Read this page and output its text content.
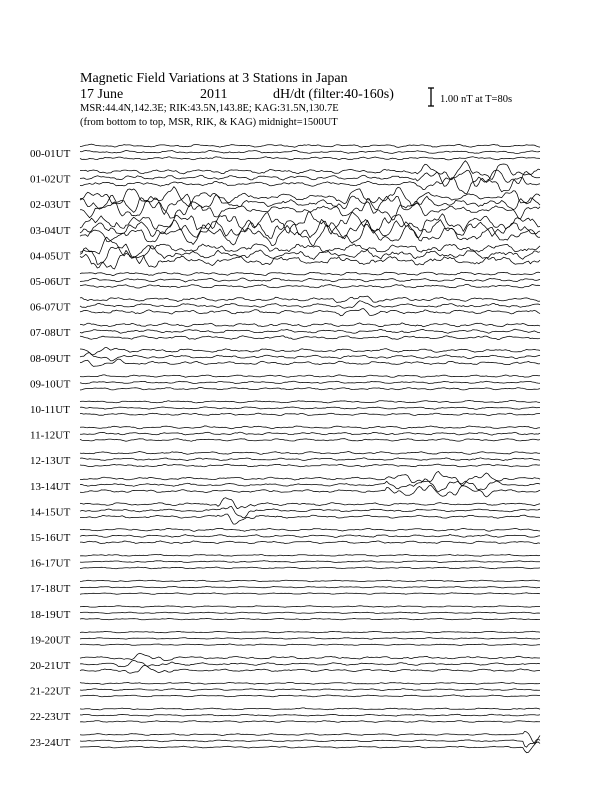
00-01UT
01-02UT
02-03UT
03-04UT
04-05UT
05-06UT
06-07UT
07-08UT
08-09UT
09-10UT
10-11UT
11-12UT
12-13UT
13-14UT
14-15UT
15-16UT
16-17UT
17-18UT
18-19UT
19-20UT
20-21UT
21-22UT
22-23UT
23-24UT
Magnetic Field Variations at 3 Stations in Japan
17 June	2011	dH/dt (filter:40-160s)
MSR:44.4N,142.3E; RIK:43.5N,143.8E; KAG:31.5N,130.7E
(from bottom to top, MSR, RIK, & KAG) midnight=1500UT
1.00 nT at T=80s
